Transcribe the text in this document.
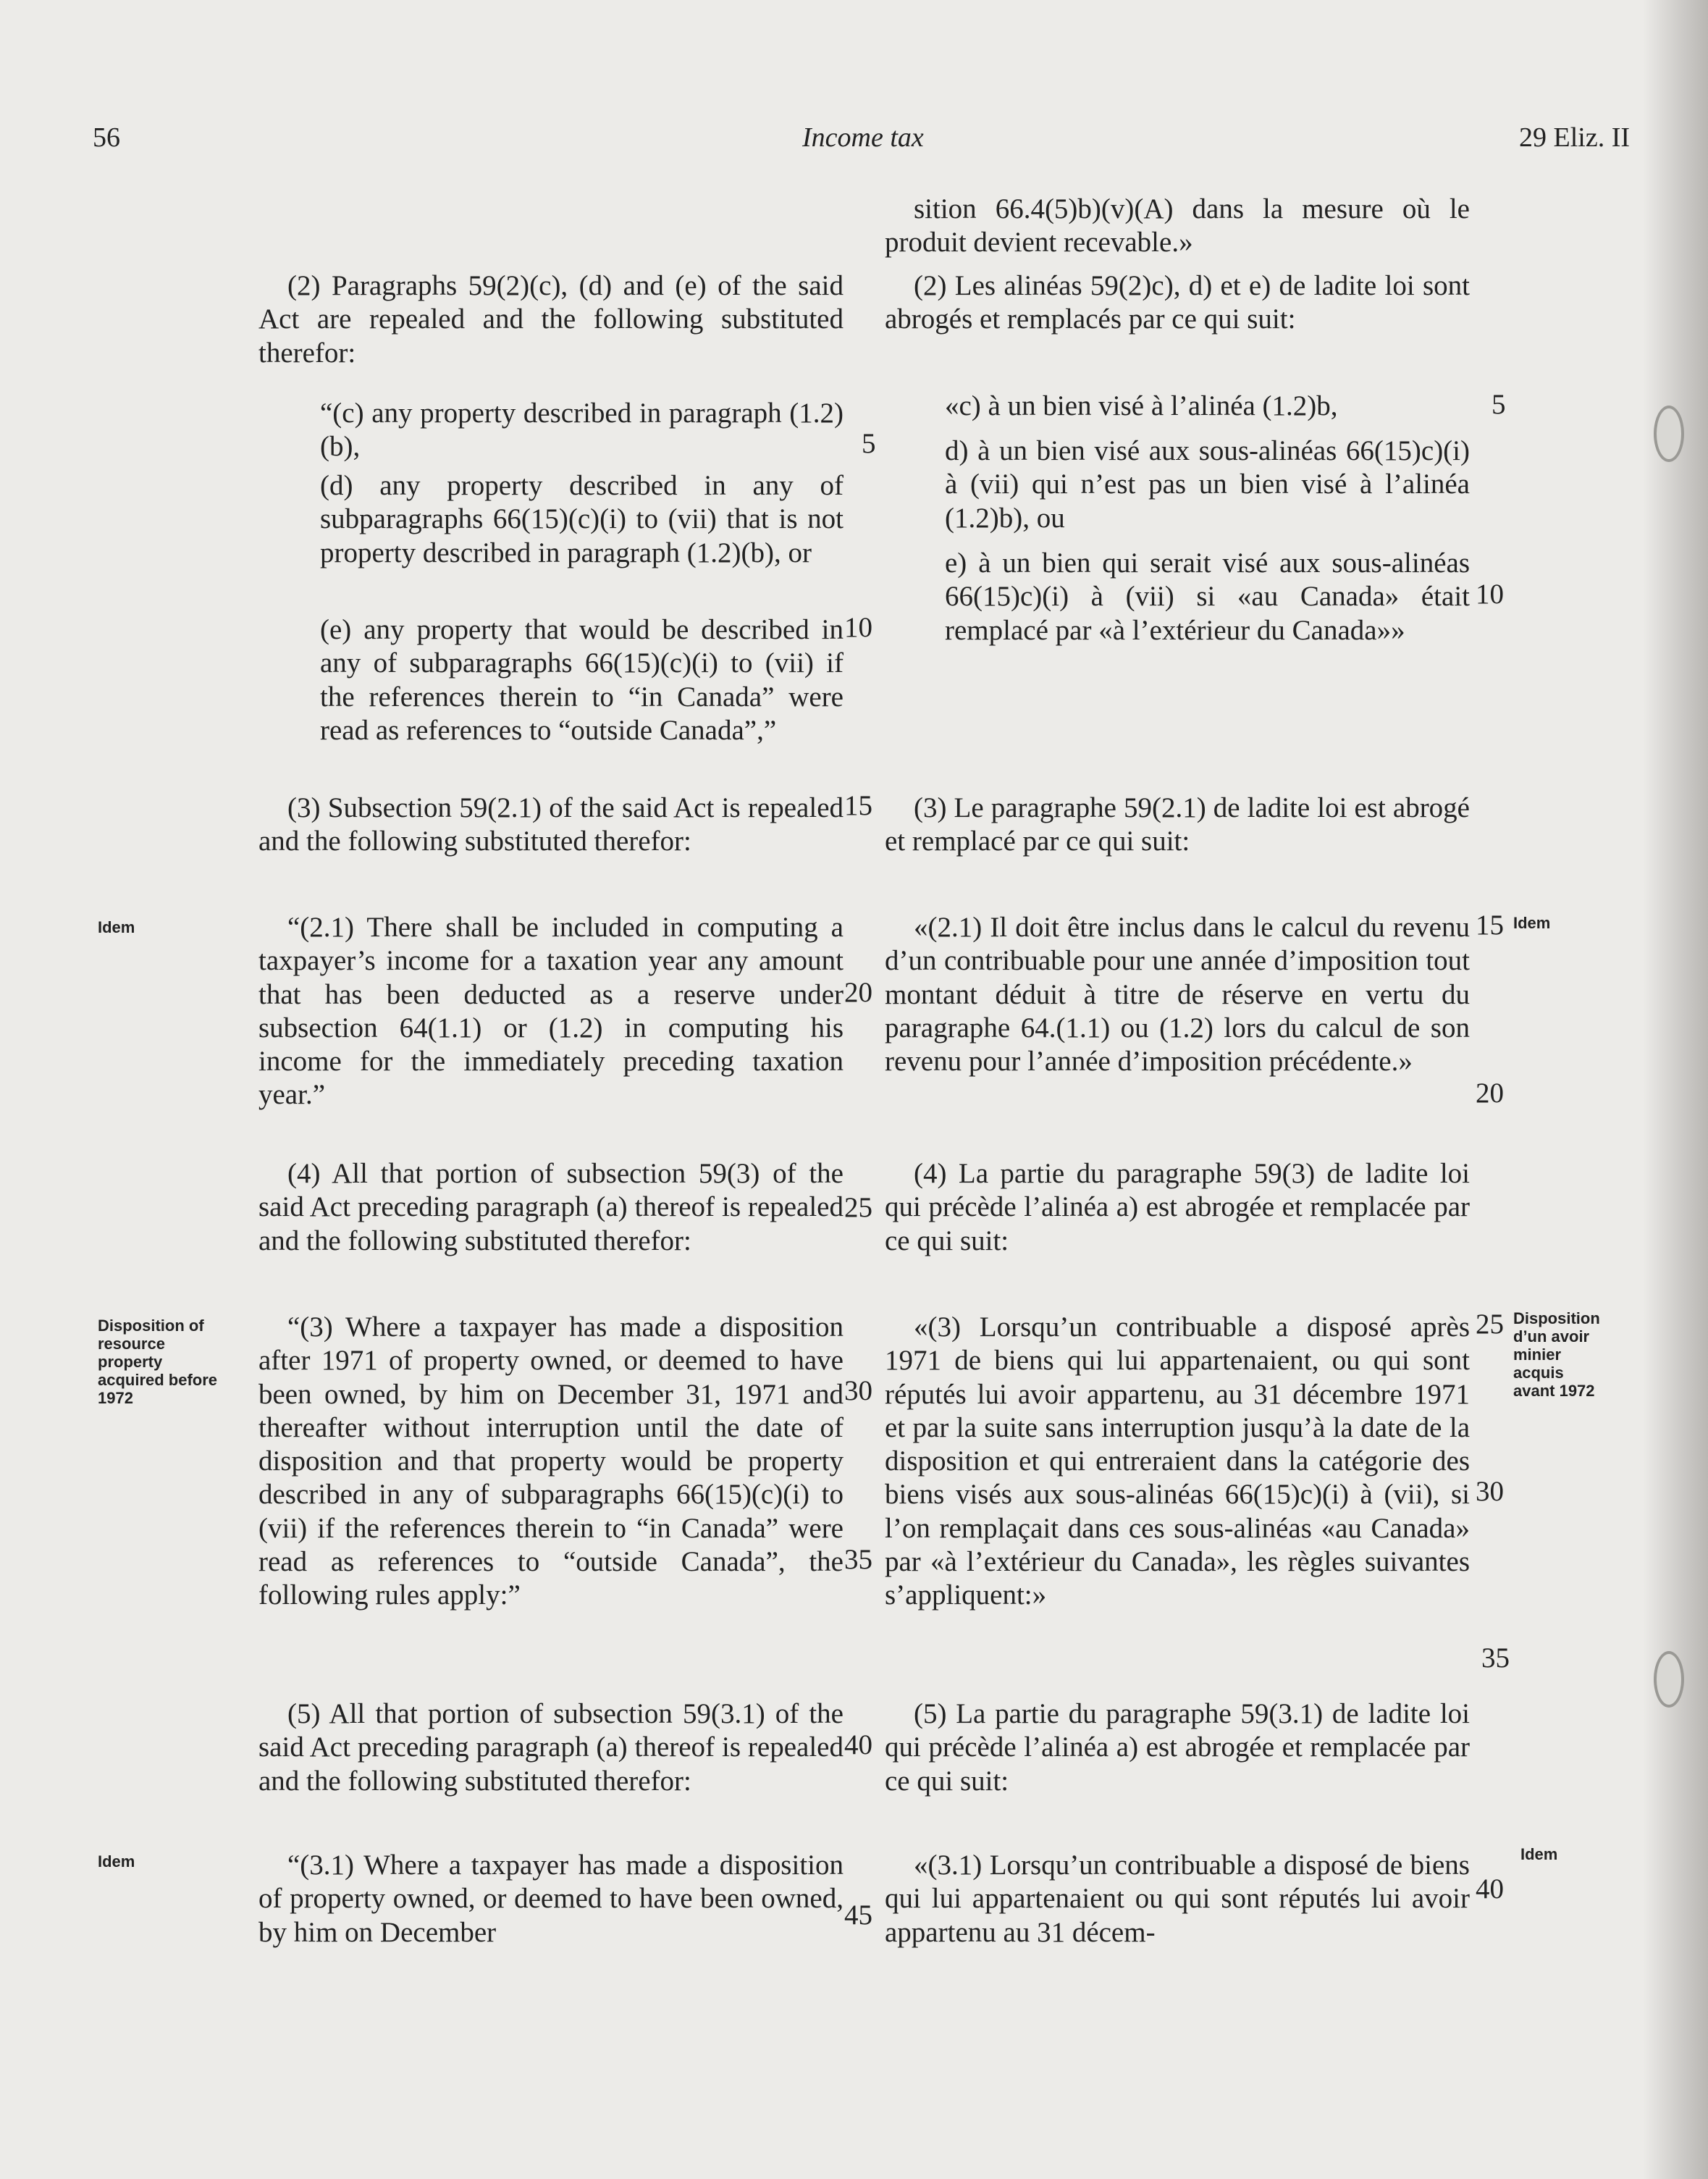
56	Income tax	29 Eliz. II

(2) Paragraphs 59(2)(c), (d) and (e) of the said Act are repealed and the following substituted therefor:

“(c) any property described in paragraph (1.2)(b),

(d) any property described in any of subparagraphs 66(15)(c)(i) to (vii) that is not property described in paragraph (1.2)(b), or

(e) any property that would be described in any of subparagraphs 66(15)(c)(i) to (vii) if the references therein to “in Canada” were read as references to “outside Canada”,”

(3) Subsection 59(2.1) of the said Act is repealed and the following substituted therefor:

“(2.1) There shall be included in computing a taxpayer’s income for a taxation year any amount that has been deducted as a reserve under subsection 64(1.1) or (1.2) in computing his income for the immediately preceding taxation year.”

(4) All that portion of subsection 59(3) of the said Act preceding paragraph (a) thereof is repealed and the following substituted therefor:

“(3) Where a taxpayer has made a disposition after 1971 of property owned, or deemed to have been owned, by him on December 31, 1971 and thereafter without interruption until the date of disposition and that property would be property described in any of subparagraphs 66(15)(c)(i) to (vii) if the references therein to “in Canada” were read as references to “outside Canada”, the following rules apply:”

(5) All that portion of subsection 59(3.1) of the said Act preceding paragraph (a) thereof is repealed and the following substituted therefor:

“(3.1) Where a taxpayer has made a disposition of property owned, or deemed to have been owned, by him on December

sition 66.4(5)b)(v)(A) dans la mesure où le produit devient recevable.»

(2) Les alinéas 59(2)c), d) et e) de ladite loi sont abrogés et remplacés par ce qui suit:

«c) à un bien visé à l’alinéa (1.2)b,

d) à un bien visé aux sous-alinéas 66(15)c)(i) à (vii) qui n’est pas un bien visé à l’alinéa (1.2)b), ou

e) à un bien qui serait visé aux sous-alinéas 66(15)c)(i) à (vii) si «au Canada» était remplacé par «à l’extérieur du Canada»»

(3) Le paragraphe 59(2.1) de ladite loi est abrogé et remplacé par ce qui suit:

«(2.1) Il doit être inclus dans le calcul du revenu d’un contribuable pour une année d’imposition tout montant déduit à titre de réserve en vertu du paragraphe 64.(1.1) ou (1.2) lors du calcul de son revenu pour l’année d’imposition précédente.»

(4) La partie du paragraphe 59(3) de ladite loi qui précède l’alinéa a) est abrogée et remplacée par ce qui suit:

«(3) Lorsqu’un contribuable a disposé après 1971 de biens qui lui appartenaient, ou qui sont réputés lui avoir appartenu, au 31 décembre 1971 et par la suite sans interruption jusqu’à la date de la disposition et qui entreraient dans la catégorie des biens visés aux sous-alinéas 66(15)c)(i) à (vii), si l’on remplaçait dans ces sous-alinéas «au Canada» par «à l’extérieur du Canada», les règles suivantes s’appliquent:»

(5) La partie du paragraphe 59(3.1) de ladite loi qui précède l’alinéa a) est abrogée et remplacée par ce qui suit:

«(3.1) Lorsqu’un contribuable a disposé de biens qui lui appartenaient ou qui sont réputés lui avoir appartenu au 31 décem-

5
10
15
20
25
30
35
40
45
5
10
15
20
25
30
35
40
Idem
Disposition of resource property acquired before 1972
Idem
Idem
Disposition d’un avoir minier acquis avant 1972
Idem
